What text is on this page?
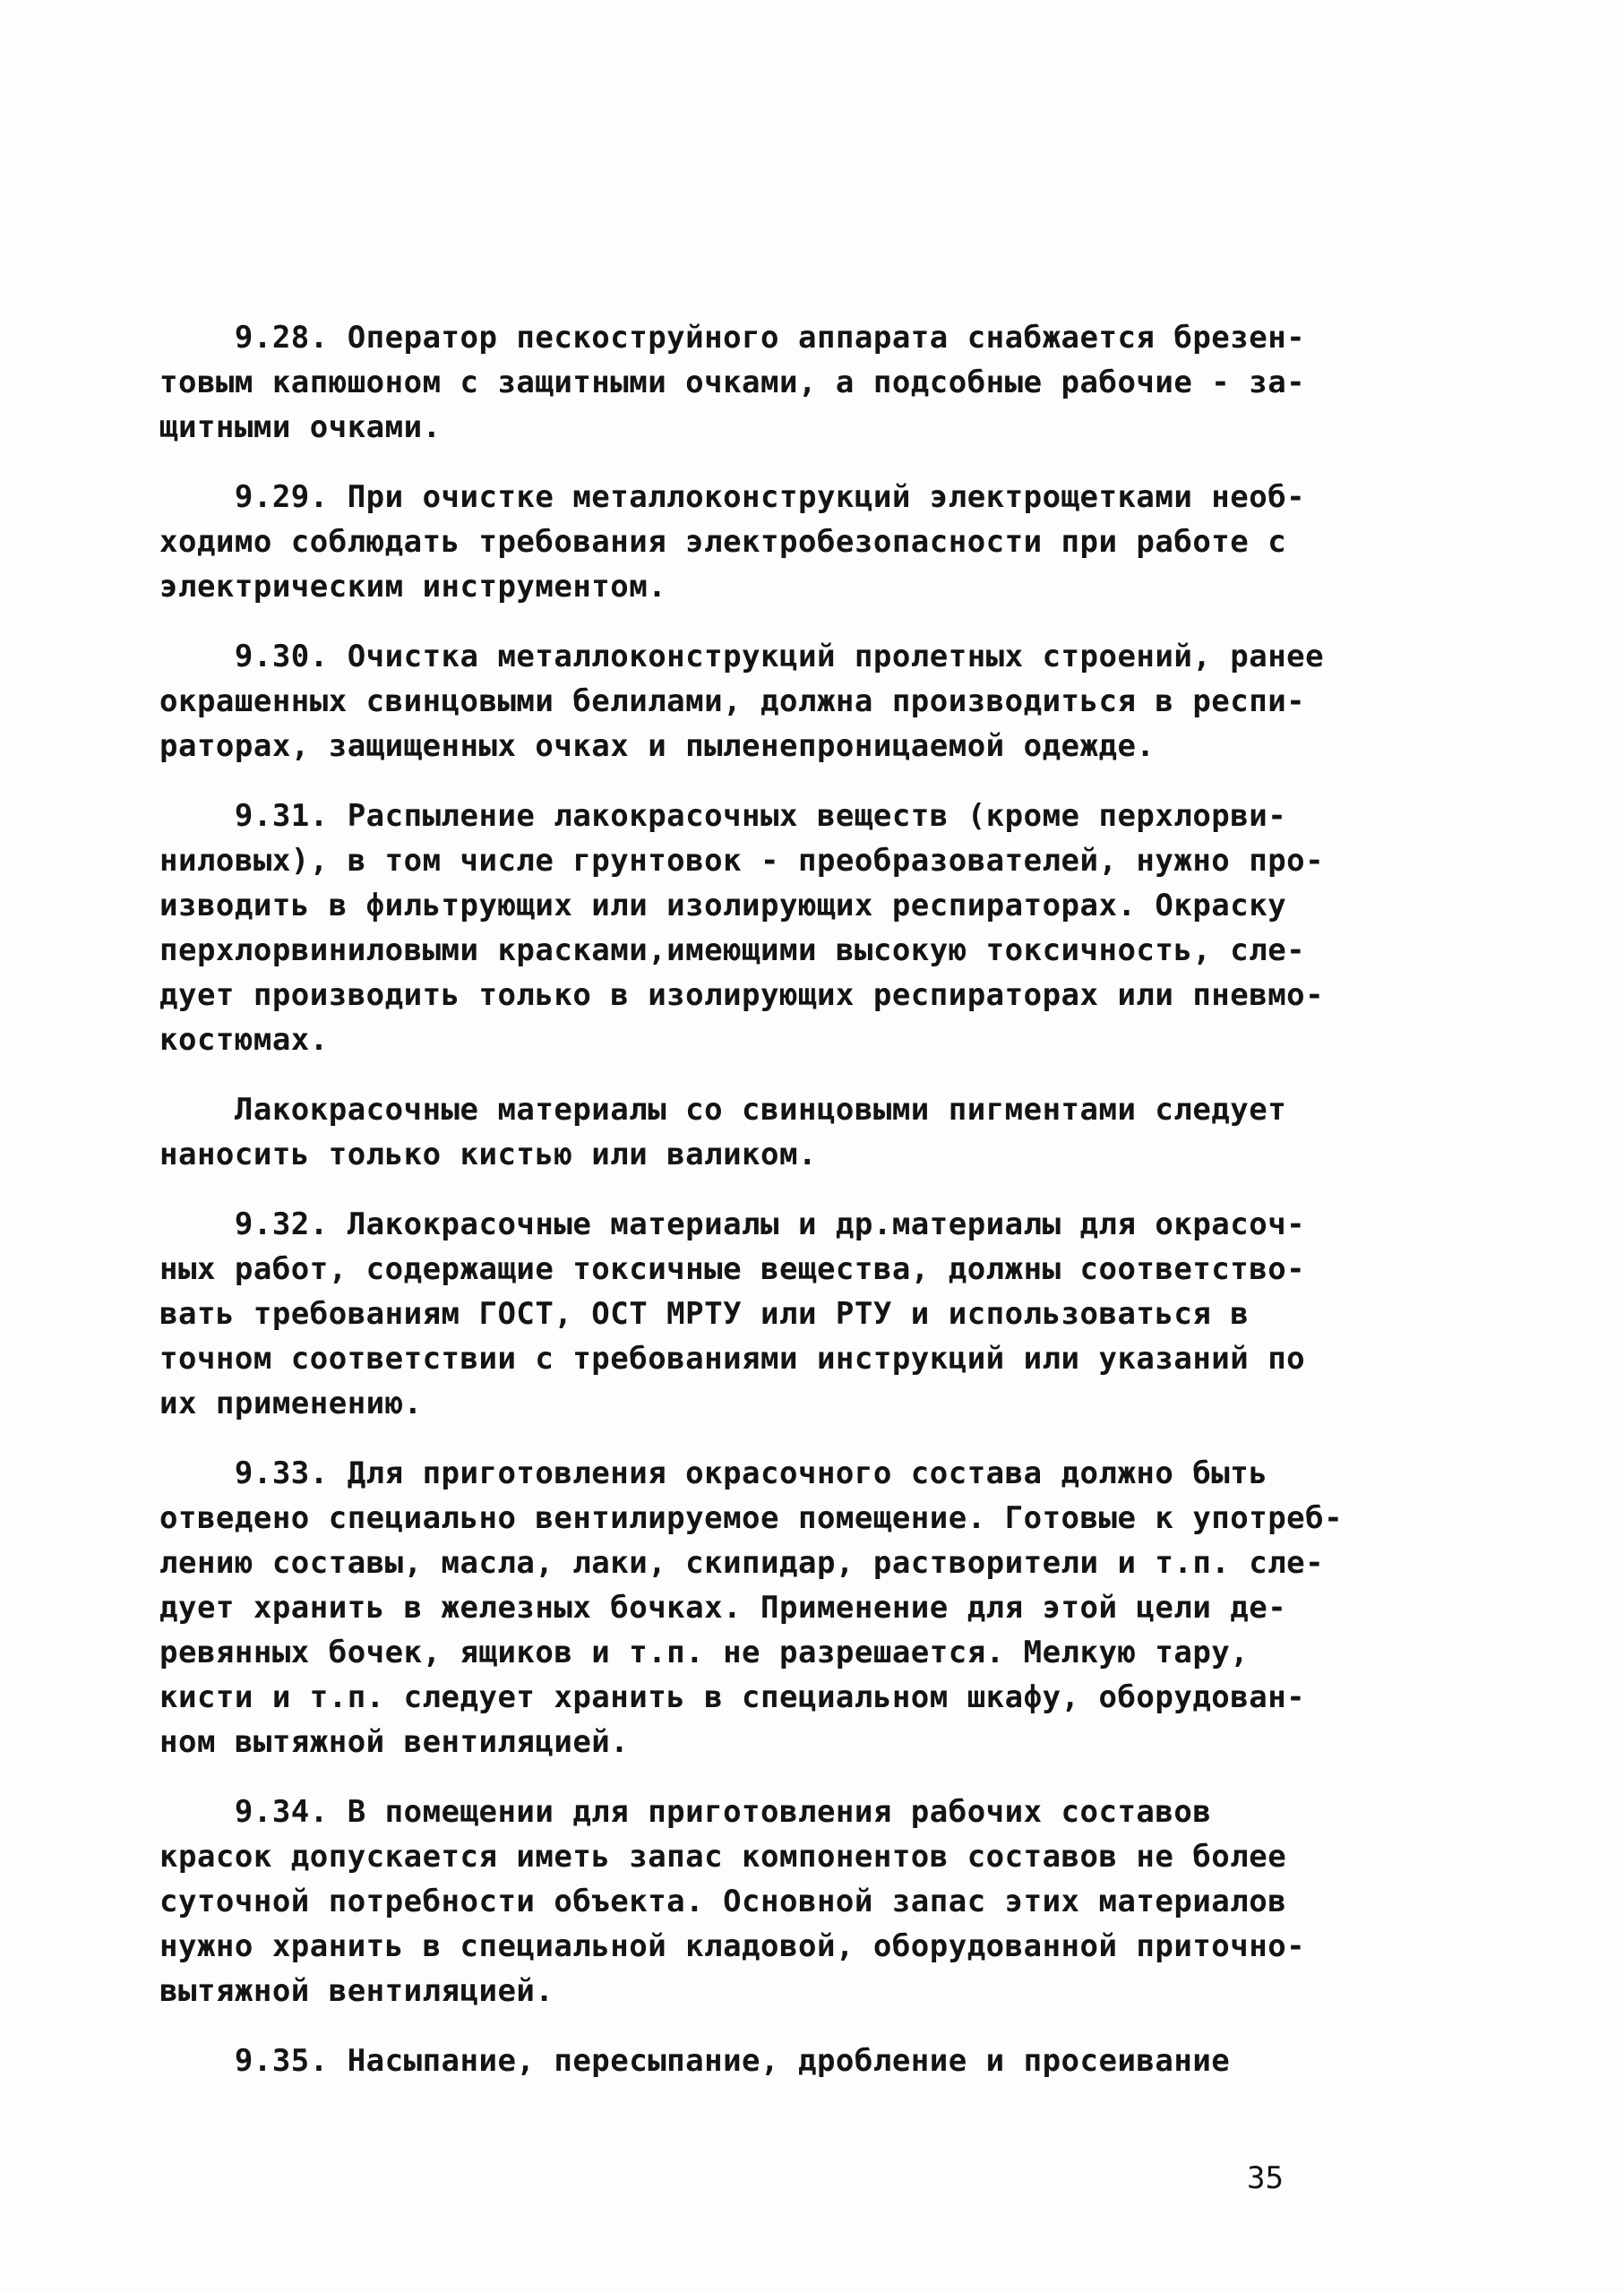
9.28. Оператор пескоструйного аппарата снабжается брезен-
товым капюшоном с защитными очками, а подсобные рабочие - за-
щитными очками.
9.29. При очистке металлоконструкций электрощетками необ-
ходимо соблюдать требования электробезопасности при работе с
электрическим инструментом.
9.30. Очистка металлоконструкций пролетных строений, ранее
окрашенных свинцовыми белилами, должна производиться в респи-
раторах, защищенных очках и пыленепроницаемой одежде.
9.31. Распыление лакокрасочных веществ (кроме перхлорви-
ниловых), в том числе грунтовок - преобразователей, нужно про-
изводить в фильтрующих или изолирующих респираторах. Окраску
перхлорвиниловыми красками,имеющими высокую токсичность, сле-
дует производить только в изолирующих респираторах или пневмо-
костюмах.
Лакокрасочные материалы со свинцовыми пигментами следует
наносить только кистью или валиком.
9.32. Лакокрасочные материалы и др.материалы для окрасоч-
ных работ, содержащие токсичные вещества, должны соответство-
вать требованиям ГОСТ, ОСТ МРТУ или РТУ и использоваться в
точном соответствии с требованиями инструкций или указаний по
их применению.
9.33. Для приготовления окрасочного состава должно быть
отведено специально вентилируемое помещение. Готовые к употреб-
лению составы, масла, лаки, скипидар, растворители и т.п. сле-
дует хранить в железных бочках. Применение для этой цели де-
ревянных бочек, ящиков и т.п. не разрешается. Мелкую тару,
кисти и т.п. следует хранить в специальном шкафу, оборудован-
ном вытяжной вентиляцией.
9.34. В помещении для приготовления рабочих составов
красок допускается иметь запас компонентов составов не более
суточной потребности объекта. Основной запас этих материалов
нужно хранить в специальной кладовой, оборудованной приточно-
вытяжной вентиляцией.
9.35. Насыпание, пересыпание, дробление и просеивание
35
